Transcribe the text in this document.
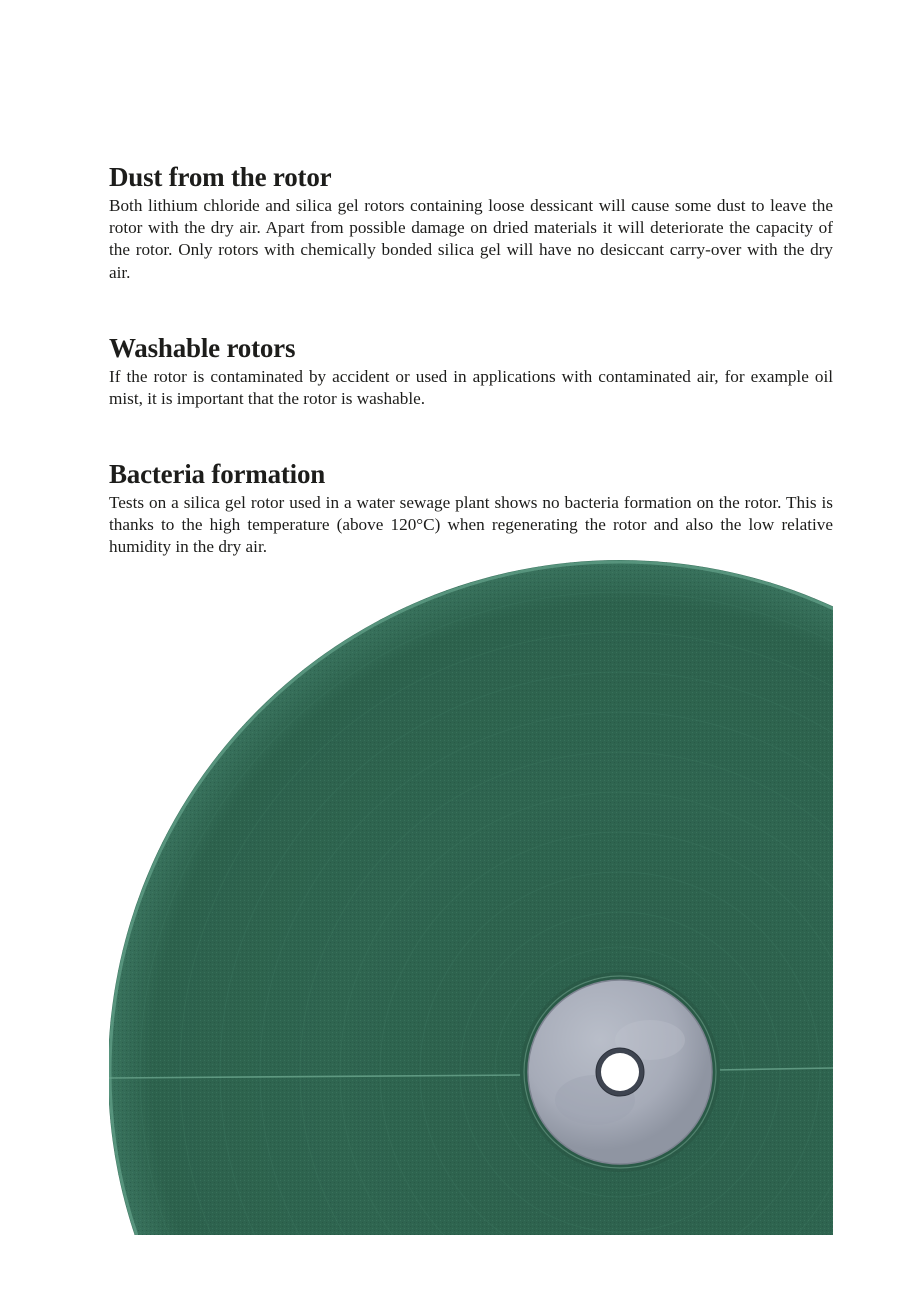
Dust from the rotor

Both lithium chloride and silica gel rotors containing loose dessicant will cause some dust to leave the rotor with the dry air. Apart from possible damage on dried materials it will deteriorate the capacity of the rotor. Only rotors with chemically bonded silica gel will have no desiccant carry-over with the dry air.

Washable rotors

If the rotor is contaminated by accident or used in applications with contaminated air, for example oil mist, it is important that the rotor is washable.

Bacteria formation

Tests on a silica gel rotor used in a water sewage plant shows no bacteria formation on the rotor. This is thanks to the high temperature (above 120°C) when regenerating the rotor and also the low relative humidity in the dry air.
